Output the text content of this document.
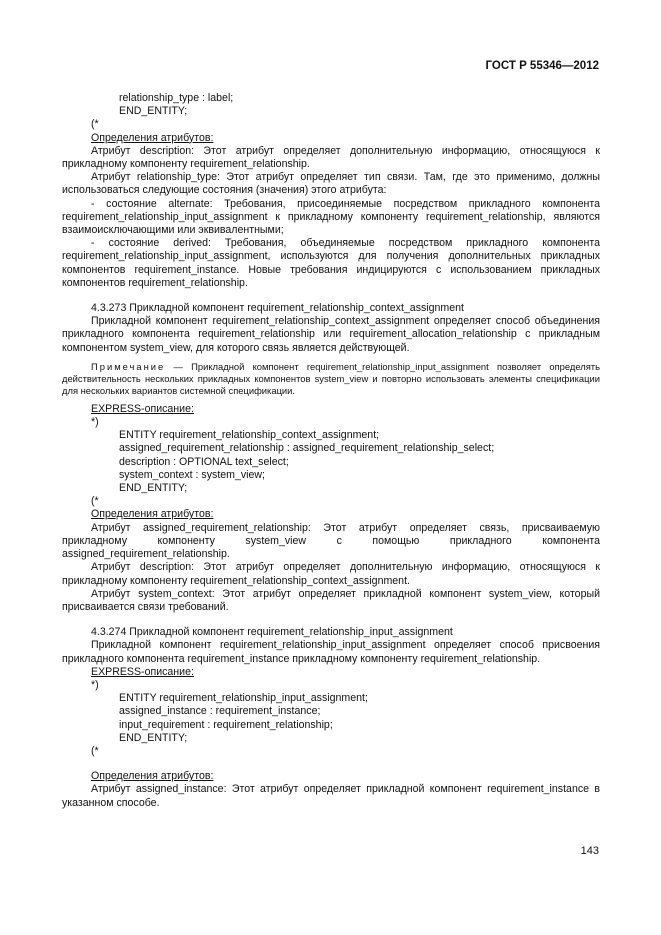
ГОСТ Р 55346—2012
relationship_type : label;
END_ENTITY;
(*
Определения атрибутов:

Атрибут description: Этот атрибут определяет дополнительную информацию, относящуюся к прикладному компоненту requirement_relationship.

Атрибут relationship_type: Этот атрибут определяет тип связи. Там, где это применимо, должны использоваться следующие состояния (значения) этого атрибута:

- состояние alternate: Требования, присоединяемые посредством прикладного компонента requirement_relationship_input_assignment к прикладному компоненту requirement_relationship, являются взаимоисключающими или эквивалентными;

- состояние derived: Требования, объединяемые посредством прикладного компонента requirement_relationship_input_assignment, используются для получения дополнительных прикладных компонентов requirement_instance. Новые требования индицируются с использованием прикладных компонентов requirement_relationship.

4.3.273 Прикладной компонент requirement_relationship_context_assignment

Прикладной компонент requirement_relationship_context_assignment определяет способ объединения прикладного компонента requirement_relationship или requirement_allocation_relationship с прикладным компонентом system_view, для которого связь является действующей.

Примечание — Прикладной компонент requirement_relationship_input_assignment позволяет определять действительность нескольких прикладных компонентов system_view и повторно использовать элементы спецификации для нескольких вариантов системной спецификации.

EXPRESS-описание:
*)
ENTITY requirement_relationship_context_assignment;
assigned_requirement_relationship : assigned_requirement_relationship_select;
description : OPTIONAL text_select;
system_context : system_view;
END_ENTITY;
(*
Определения атрибутов:

Атрибут assigned_requirement_relationship: Этот атрибут определяет связь, присваиваемую прикладному компоненту system_view с помощью прикладного компонента assigned_requirement_relationship.

Атрибут description: Этот атрибут определяет дополнительную информацию, относящуюся к прикладному компоненту requirement_relationship_context_assignment.

Атрибут system_context: Этот атрибут определяет прикладной компонент system_view, который присваивается связи требований.

4.3.274 Прикладной компонент requirement_relationship_input_assignment

Прикладной компонент requirement_relationship_input_assignment определяет способ присвоения прикладного компонента requirement_instance прикладному компоненту requirement_relationship.

EXPRESS-описание:
*)
ENTITY requirement_relationship_input_assignment;
assigned_instance : requirement_instance;
input_requirement : requirement_relationship;
END_ENTITY;
(*
Определения атрибутов:

Атрибут assigned_instance: Этот атрибут определяет прикладной компонент requirement_instance в указанном способе.

143
